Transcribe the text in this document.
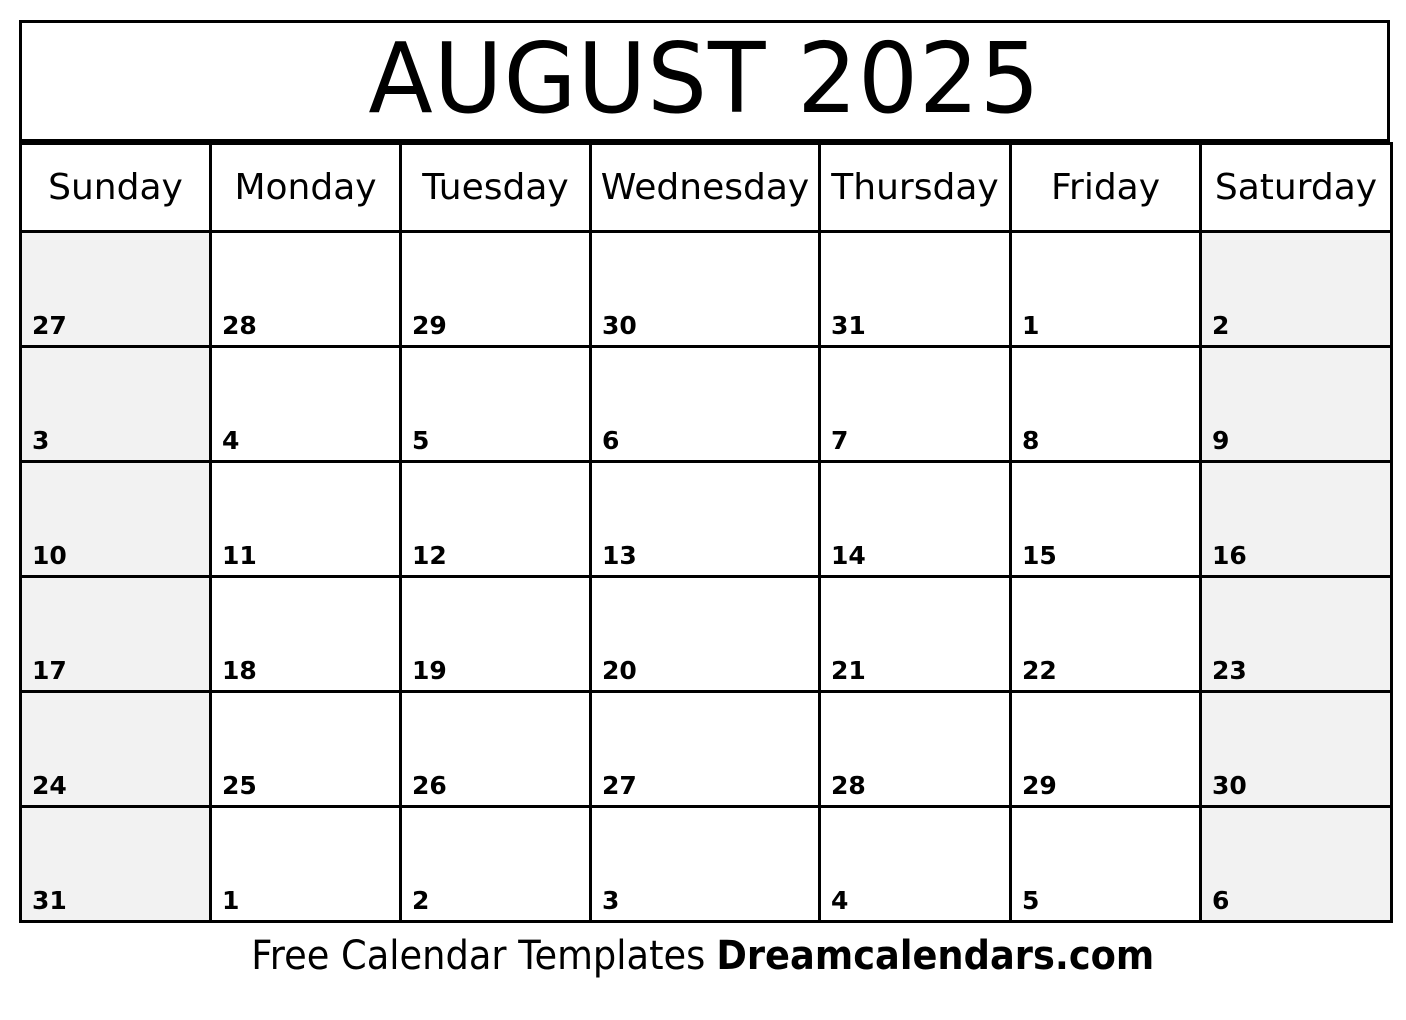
AUGUST 2025
Sunday	Monday	Tuesday	Wednesday	Thursday	Friday	Saturday
27	28	29	30	31	1	2
3	4	5	6	7	8	9
10	11	12	13	14	15	16
17	18	19	20	21	22	23
24	25	26	27	28	29	30
31	1	2	3	4	5	6
Free Calendar Templates Dreamcalendars.com
